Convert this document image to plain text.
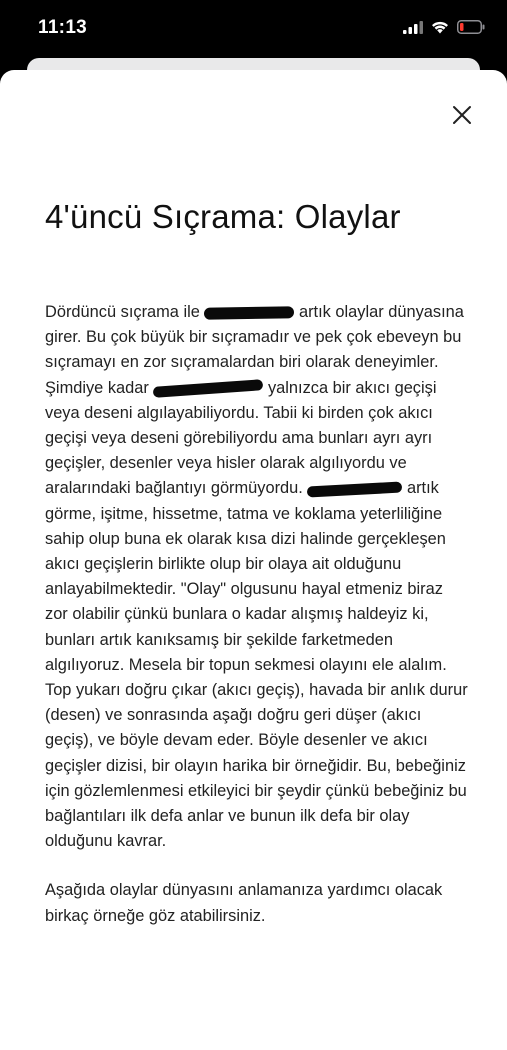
11:13
4'üncü Sıçrama: Olaylar

Dördüncü sıçrama ile	artık olaylar dünyasına girer. Bu çok büyük bir sıçramadır ve pek çok ebeveyn bu sıçramayı en zor sıçramalardan biri olarak deneyimler. Şimdiye kadar	yalnızca bir akıcı geçişi veya deseni algılayabiliyordu. Tabii ki birden çok akıcı geçişi veya deseni görebiliyordu ama bunları ayrı ayrı geçişler, desenler veya hisler olarak algılıyordu ve aralarındaki bağlantıyı görmüyordu.	artık görme, işitme, hissetme, tatma ve koklama yeterliliğine sahip olup buna ek olarak kısa dizi halinde gerçekleşen akıcı geçişlerin birlikte olup bir olaya ait olduğunu anlayabilmektedir. "Olay" olgusunu hayal etmeniz biraz zor olabilir çünkü bunlara o kadar alışmış haldeyiz ki, bunları artık kanıksamış bir şekilde farketmeden algılıyoruz. Mesela bir topun sekmesi olayını ele alalım. Top yukarı doğru çıkar (akıcı geçiş), havada bir anlık durur (desen) ve sonrasında aşağı doğru geri düşer (akıcı geçiş), ve böyle devam eder. Böyle desenler ve akıcı geçişler dizisi, bir olayın harika bir örneğidir. Bu, bebeğiniz için gözlemlenmesi etkileyici bir şeydir çünkü bebeğiniz bu bağlantıları ilk defa anlar ve bunun ilk defa bir olay olduğunu kavrar.

Aşağıda olaylar dünyasını anlamanıza yardımcı olacak birkaç örneğe göz atabilirsiniz.
